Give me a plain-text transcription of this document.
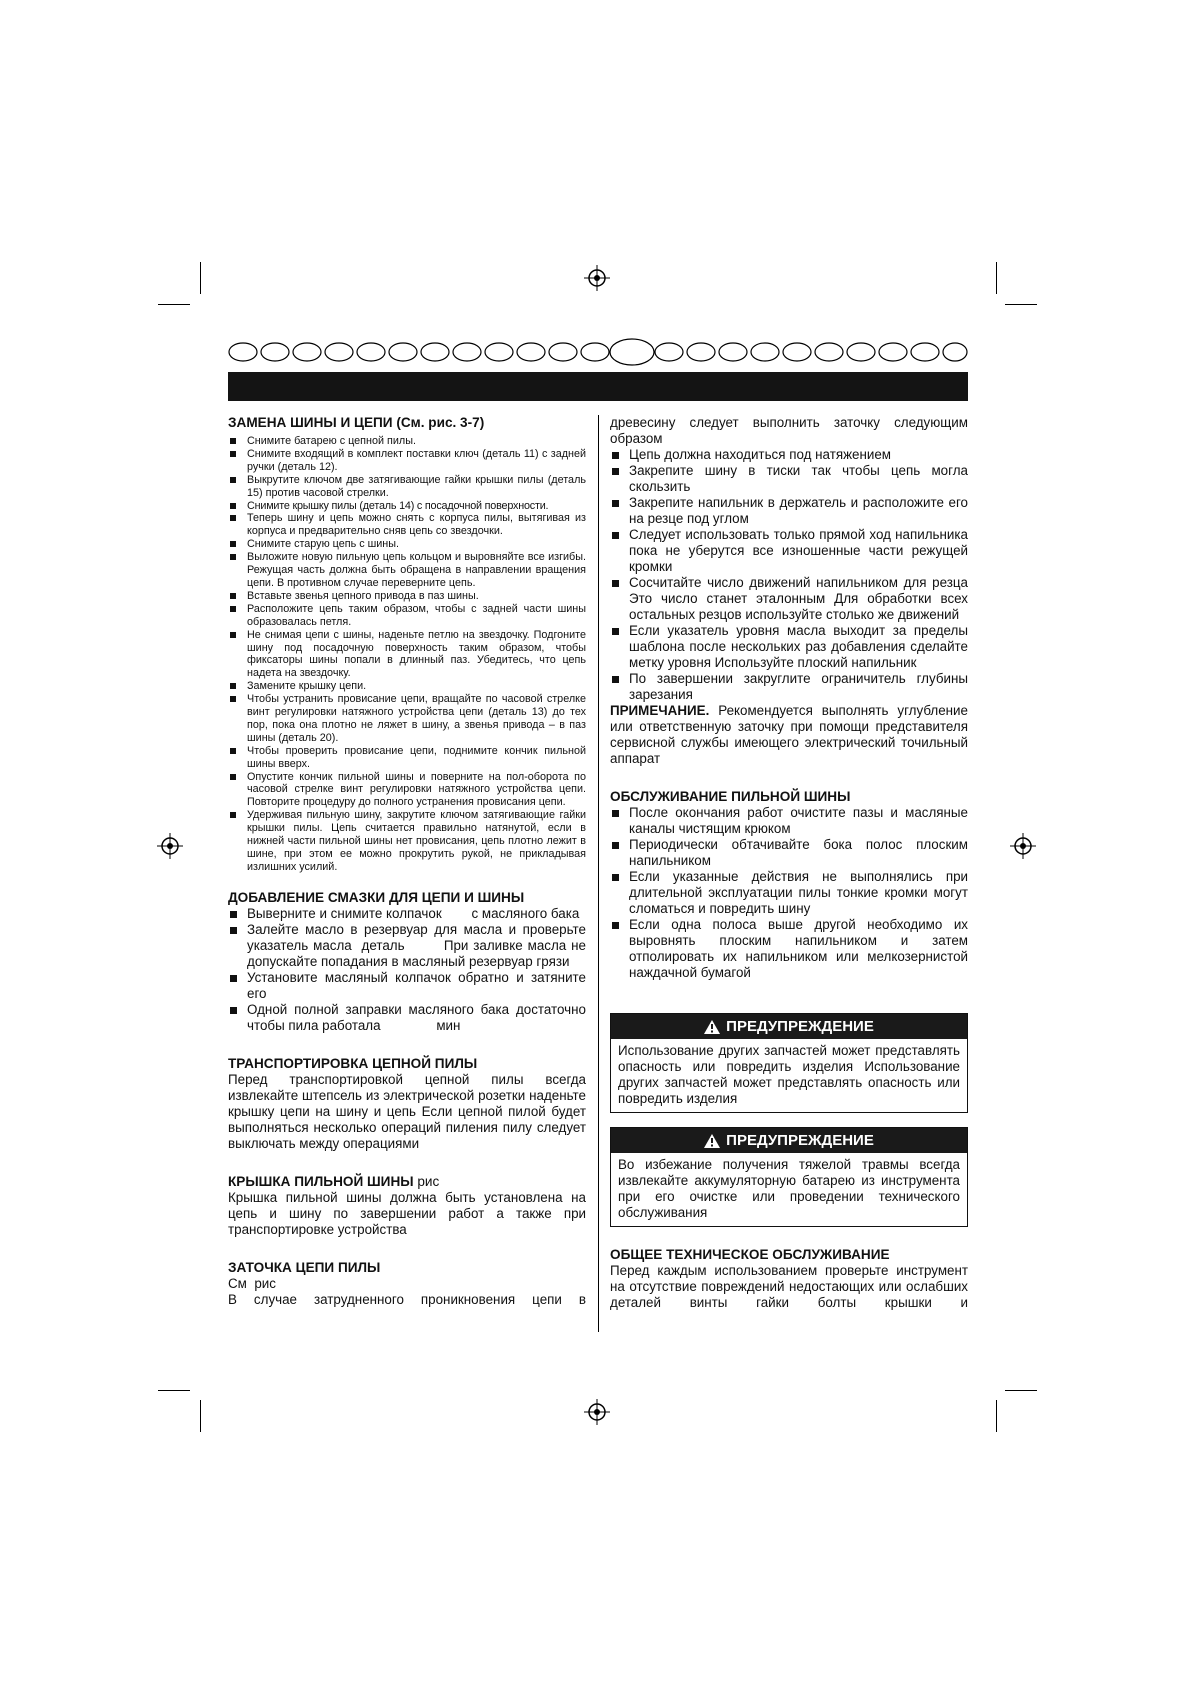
ЗАМЕНА ШИНЫ И ЦЕПИ (См. рис. 3-7)
Снимите батарею с цепной пилы.
Снимите входящий в комплект поставки ключ (деталь 11) с задней ручки (деталь 12).
Выкрутите ключом две затягивающие гайки крышки пилы (деталь 15) против часовой стрелки.
Снимите крышку пилы (деталь 14) с посадочной поверхности.
Теперь шину и цепь можно снять с корпуса пилы, вытягивая из корпуса и предварительно сняв цепь со звездочки.
Снимите старую цепь с шины.
Выложите новую пильную цепь кольцом и выровняйте все изгибы. Режущая часть должна быть обращена в направлении вращения цепи. В противном случае переверните цепь.
Вставьте звенья цепного привода в паз шины.
Расположите цепь таким образом, чтобы с задней части шины образовалась петля.
Не снимая цепи с шины, наденьте петлю на звездочку. Подгоните шину под посадочную поверхность таким образом, чтобы фиксаторы шины попали в длинный паз. Убедитесь, что цепь надета на звездочку.
Замените крышку цепи.
Чтобы устранить провисание цепи, вращайте по часовой стрелке винт регулировки натяжного устройства цепи (деталь 13) до тех пор, пока она плотно не ляжет в шину, а звенья привода – в паз шины (деталь 20).
Чтобы проверить провисание цепи, поднимите кончик пильной шины вверх.
Опустите кончик пильной шины и поверните на пол-оборота по часовой стрелке винт регулировки натяжного устройства цепи. Повторите процедуру до полного устранения провисания цепи.
Удерживая пильную шину, закрутите ключом затягивающие гайки крышки пилы. Цепь считается правильно натянутой, если в нижней части пильной шины нет провисания, цепь плотно лежит в шине, при этом ее можно прокрутить рукой, не прикладывая излишних усилий.
ДОБАВЛЕНИЕ СМАЗКИ ДЛЯ ЦЕПИ И ШИНЫ
Выверните и снимите колпачок        с масляного бака
Залейте масло в резервуар для масла и проверьте указатель масла  деталь        При заливке масла не допускайте попадания в масляный резервуар грязи
Установите масляный колпачок обратно и затяните его
Одной полной заправки масляного бака достаточно чтобы пила работала               мин
ТРАНСПОРТИРОВКА ЦЕПНОЙ ПИЛЫ

Перед транспортировкой цепной пилы всегда извлекайте штепсель из электрической розетки наденьте крышку цепи на шину и цепь Если цепной пилой будет выполняться несколько операций пиления пилу следует выключать между операциями

КРЫШКА ПИЛЬНОЙ ШИНЫ рис

Крышка пильной шины должна быть установлена на цепь и шину по завершении работ а также при транспортировке устройства

ЗАТОЧКА ЦЕПИ ПИЛЫ

См  рис

В случае затрудненного проникновения цепи в

древесину следует выполнить заточку следующим образом

Цепь должна находиться под натяжением
Закрепите шину в тиски так чтобы цепь могла скользить
Закрепите напильник в держатель и расположите его на резце под углом
Следует использовать только прямой ход напильника пока не уберутся все изношенные части режущей кромки
Сосчитайте число движений напильником для резца Это число станет эталонным Для обработки всех остальных резцов используйте столько же движений
Если указатель уровня масла выходит за пределы шаблона после нескольких раз добавления сделайте метку уровня Используйте плоский напильник
По завершении закруглите ограничитель глубины зарезания

ПРИМЕЧАНИЕ. Рекомендуется выполнять углубление или ответственную заточку при помощи представителя сервисной службы имеющего электрический точильный аппарат

ОБСЛУЖИВАНИЕ ПИЛЬНОЙ ШИНЫ
После окончания работ очистите пазы и масляные каналы чистящим крюком
Периодически обтачивайте бока полос плоским напильником
Если указанные действия не выполнялись при длительной эксплуатации пилы тонкие кромки могут сломаться и повредить шину
Если одна полоса выше другой необходимо их выровнять плоским напильником и затем отполировать их напильником или мелкозернистой наждачной бумагой
ПРЕДУПРЕЖДЕНИЕ

Использование других запчастей может представлять опасность или повредить изделия Использование других запчастей может представлять опасность или повредить изделия

ПРЕДУПРЕЖДЕНИЕ

Во избежание получения тяжелой травмы всегда извлекайте аккумуляторную батарею из инструмента при его очистке или проведении технического обслуживания

ОБЩЕЕ ТЕХНИЧЕСКОЕ ОБСЛУЖИВАНИЕ

Перед каждым использованием проверьте инструмент на отсутствие повреждений недостающих или ослабших деталей винты гайки болты крышки и
